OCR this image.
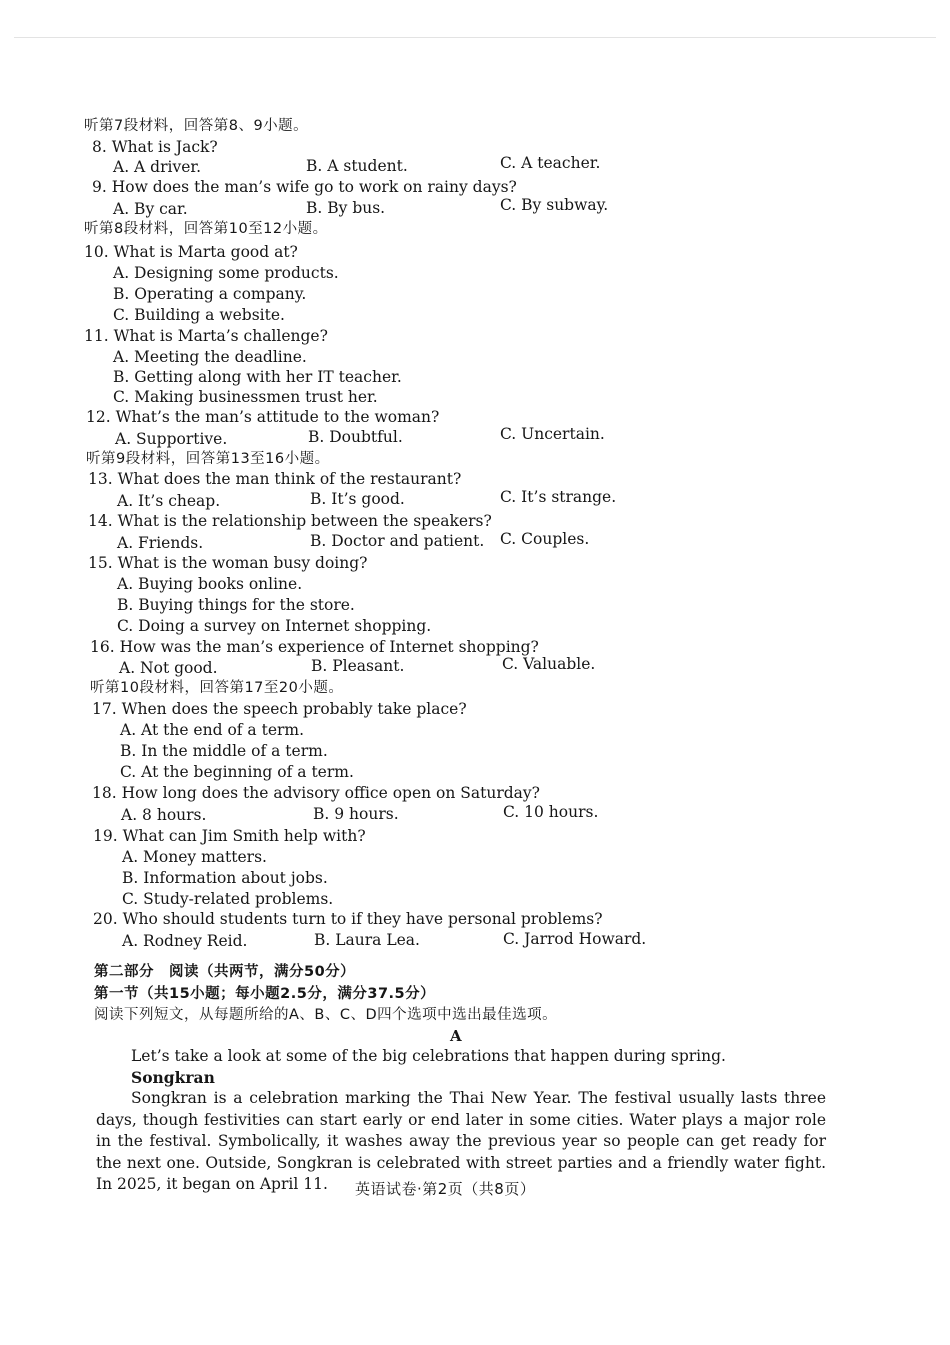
听第7段材料，回答第8、9小题。
8. What is Jack?
A. A driver.	B. A student.	C. A teacher.
9. How does the man’s wife go to work on rainy days?
A. By car.	B. By bus.	C. By subway.
听第8段材料，回答第10至12小题。
10. What is Marta good at?
A. Designing some products.
B. Operating a company.
C. Building a website.
11. What is Marta’s challenge?
A. Meeting the deadline.
B. Getting along with her IT teacher.
C. Making businessmen trust her.
12. What’s the man’s attitude to the woman?
A. Supportive.	B. Doubtful.	C. Uncertain.
听第9段材料，回答第13至16小题。
13. What does the man think of the restaurant?
A. It’s cheap.	B. It’s good.	C. It’s strange.
14. What is the relationship between the speakers?
A. Friends.	B. Doctor and patient. C. Couples.
15. What is the woman busy doing?
A. Buying books online.
B. Buying things for the store.
C. Doing a survey on Internet shopping.
16. How was the man’s experience of Internet shopping?
A. Not good.	B. Pleasant.	C. Valuable.
听第10段材料，回答第17至20小题。
17. When does the speech probably take place?
A. At the end of a term.
B. In the middle of a term.
C. At the beginning of a term.
18. How long does the advisory office open on Saturday?
A. 8 hours.	B. 9 hours.	C. 10 hours.
19. What can Jim Smith help with?
A. Money matters.
B. Information about jobs.
C. Study-related problems.
20. Who should students turn to if they have personal problems?
A. Rodney Reid.	B. Laura Lea.	C. Jarrod Howard.
第二部分　阅读（共两节，满分50分）
第一节（共15小题；每小题2.5分，满分37.5分）
阅读下列短文，从每题所给的A、B、C、D四个选项中选出最佳选项。
A
Let’s take a look at some of the big celebrations that happen during spring.
Songkran
Songkran is a celebration marking the Thai New Year. The festival usually lasts three days, though festivities can start early or end later in some cities. Water plays a major role in the festival. Symbolically, it washes away the previous year so people can get ready for the next one. Outside, Songkran is celebrated with street parties and a friendly water fight. In 2025, it began on April 11.	英语试卷·第2页（共8页）
